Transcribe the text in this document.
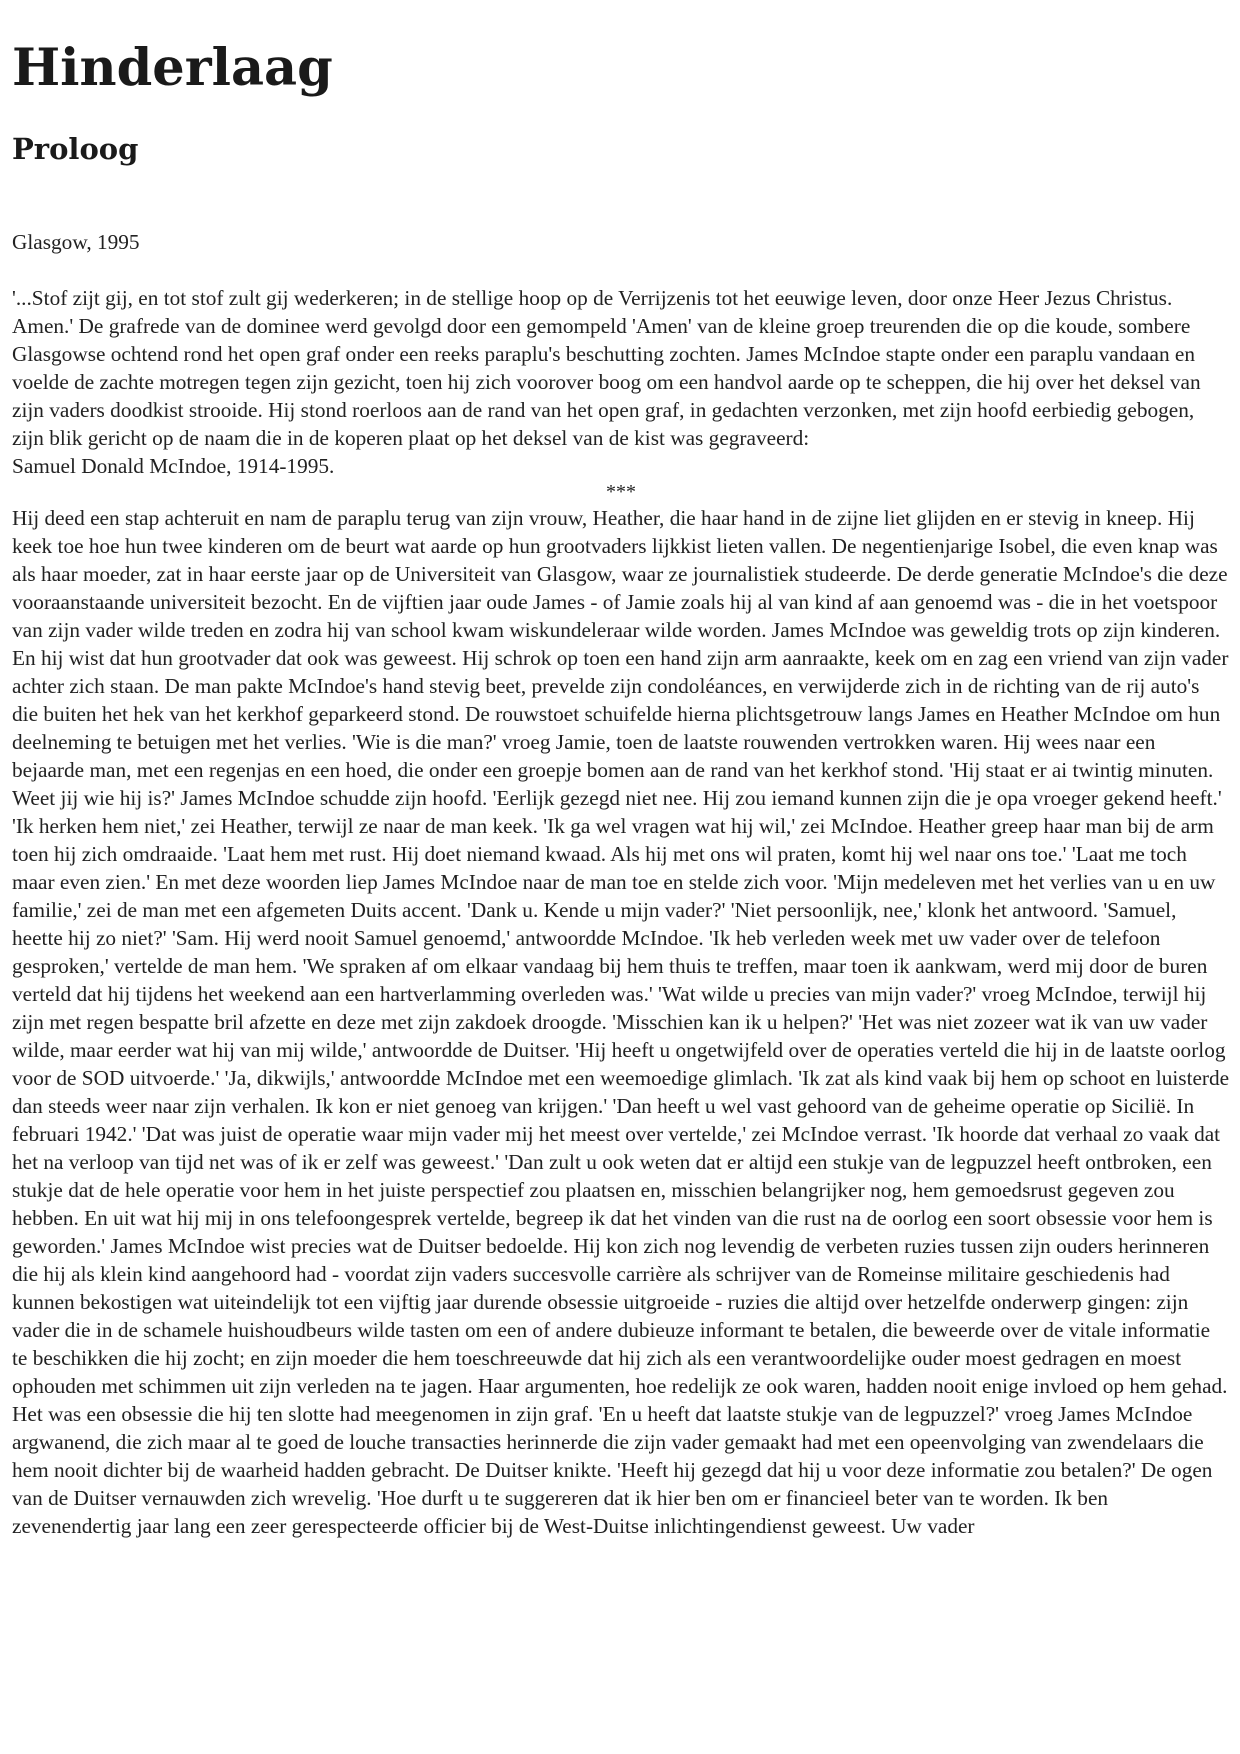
Hinderlaag
Proloog

Glasgow, 1995

'...Stof zijt gij, en tot stof zult gij wederkeren; in de stellige hoop op de Verrijzenis tot het eeuwige leven, door onze Heer Jezus Christus. Amen.' De grafrede van de dominee werd gevolgd door een gemompeld 'Amen' van de kleine groep treurenden die op die koude, sombere Glasgowse ochtend rond het open graf onder een reeks paraplu's beschutting zochten. James McIndoe stapte onder een paraplu vandaan en voelde de zachte motregen tegen zijn gezicht, toen hij zich voorover boog om een handvol aarde op te scheppen, die hij over het deksel van zijn vaders doodkist strooide. Hij stond roerloos aan de rand van het open graf, in gedachten verzonken, met zijn hoofd eerbiedig gebogen, zijn blik gericht op de naam die in de koperen plaat op het deksel van de kist was gegraveerd:

Samuel Donald McIndoe, 1914-1995.

***

Hij deed een stap achteruit en nam de paraplu terug van zijn vrouw, Heather, die haar hand in de zijne liet glijden en er stevig in kneep. Hij keek toe hoe hun twee kinderen om de beurt wat aarde op hun grootvaders lijkkist lieten vallen. De negentienjarige Isobel, die even knap was als haar moeder, zat in haar eerste jaar op de Universiteit van Glasgow, waar ze journalistiek studeerde. De derde generatie McIndoe's die deze vooraanstaande universiteit bezocht. En de vijftien jaar oude James - of Jamie zoals hij al van kind af aan genoemd was - die in het voetspoor van zijn vader wilde treden en zodra hij van school kwam wiskundeleraar wilde worden. James McIndoe was geweldig trots op zijn kinderen. En hij wist dat hun grootvader dat ook was geweest. Hij schrok op toen een hand zijn arm aanraakte, keek om en zag een vriend van zijn vader achter zich staan. De man pakte McIndoe's hand stevig beet, prevelde zijn condoléances, en verwijderde zich in de richting van de rij auto's die buiten het hek van het kerkhof geparkeerd stond. De rouwstoet schuifelde hierna plichtsgetrouw langs James en Heather McIndoe om hun deelneming te betuigen met het verlies. 'Wie is die man?' vroeg Jamie, toen de laatste rouwenden vertrokken waren. Hij wees naar een bejaarde man, met een regenjas en een hoed, die onder een groepje bomen aan de rand van het kerkhof stond. 'Hij staat er ai twintig minuten. Weet jij wie hij is?' James McIndoe schudde zijn hoofd. 'Eerlijk gezegd niet nee. Hij zou iemand kunnen zijn die je opa vroeger gekend heeft.' 'Ik herken hem niet,' zei Heather, terwijl ze naar de man keek. 'Ik ga wel vragen wat hij wil,' zei McIndoe. Heather greep haar man bij de arm toen hij zich omdraaide. 'Laat hem met rust. Hij doet niemand kwaad. Als hij met ons wil praten, komt hij wel naar ons toe.' 'Laat me toch maar even zien.' En met deze woorden liep James McIndoe naar de man toe en stelde zich voor. 'Mijn medeleven met het verlies van u en uw familie,' zei de man met een afgemeten Duits accent. 'Dank u. Kende u mijn vader?' 'Niet persoonlijk, nee,' klonk het antwoord. 'Samuel, heette hij zo niet?' 'Sam. Hij werd nooit Samuel genoemd,' antwoordde McIndoe. 'Ik heb verleden week met uw vader over de telefoon gesproken,' vertelde de man hem. 'We spraken af om elkaar vandaag bij hem thuis te treffen, maar toen ik aankwam, werd mij door de buren verteld dat hij tijdens het weekend aan een hartverlamming overleden was.' 'Wat wilde u precies van mijn vader?' vroeg McIndoe, terwijl hij zijn met regen bespatte bril afzette en deze met zijn zakdoek droogde. 'Misschien kan ik u helpen?' 'Het was niet zozeer wat ik van uw vader wilde, maar eerder wat hij van mij wilde,' antwoordde de Duitser. 'Hij heeft u ongetwijfeld over de operaties verteld die hij in de laatste oorlog voor de SOD uitvoerde.' 'Ja, dikwijls,' antwoordde McIndoe met een weemoedige glimlach. 'Ik zat als kind vaak bij hem op schoot en luisterde dan steeds weer naar zijn verhalen. Ik kon er niet genoeg van krijgen.' 'Dan heeft u wel vast gehoord van de geheime operatie op Sicilië. In februari 1942.' 'Dat was juist de operatie waar mijn vader mij het meest over vertelde,' zei McIndoe verrast. 'Ik hoorde dat verhaal zo vaak dat het na verloop van tijd net was of ik er zelf was geweest.' 'Dan zult u ook weten dat er altijd een stukje van de legpuzzel heeft ontbroken, een stukje dat de hele operatie voor hem in het juiste perspectief zou plaatsen en, misschien belangrijker nog, hem gemoedsrust gegeven zou hebben. En uit wat hij mij in ons telefoongesprek vertelde, begreep ik dat het vinden van die rust na de oorlog een soort obsessie voor hem is geworden.' James McIndoe wist precies wat de Duitser bedoelde. Hij kon zich nog levendig de verbeten ruzies tussen zijn ouders herinneren die hij als klein kind aangehoord had - voordat zijn vaders succesvolle carrière als schrijver van de Romeinse militaire geschiedenis had kunnen bekostigen wat uiteindelijk tot een vijftig jaar durende obsessie uitgroeide - ruzies die altijd over hetzelfde onderwerp gingen: zijn vader die in de schamele huishoudbeurs wilde tasten om een of andere dubieuze informant te betalen, die beweerde over de vitale informatie te beschikken die hij zocht; en zijn moeder die hem toeschreeuwde dat hij zich als een verantwoordelijke ouder moest gedragen en moest ophouden met schimmen uit zijn verleden na te jagen. Haar argumenten, hoe redelijk ze ook waren, hadden nooit enige invloed op hem gehad. Het was een obsessie die hij ten slotte had meegenomen in zijn graf. 'En u heeft dat laatste stukje van de legpuzzel?' vroeg James McIndoe argwanend, die zich maar al te goed de louche transacties herinnerde die zijn vader gemaakt had met een opeenvolging van zwendelaars die hem nooit dichter bij de waarheid hadden gebracht. De Duitser knikte. 'Heeft hij gezegd dat hij u voor deze informatie zou betalen?' De ogen van de Duitser vernauwden zich wrevelig. 'Hoe durft u te suggereren dat ik hier ben om er financieel beter van te worden. Ik ben zevenendertig jaar lang een zeer gerespecteerde officier bij de West-Duitse inlichtingendienst geweest. Uw vader
